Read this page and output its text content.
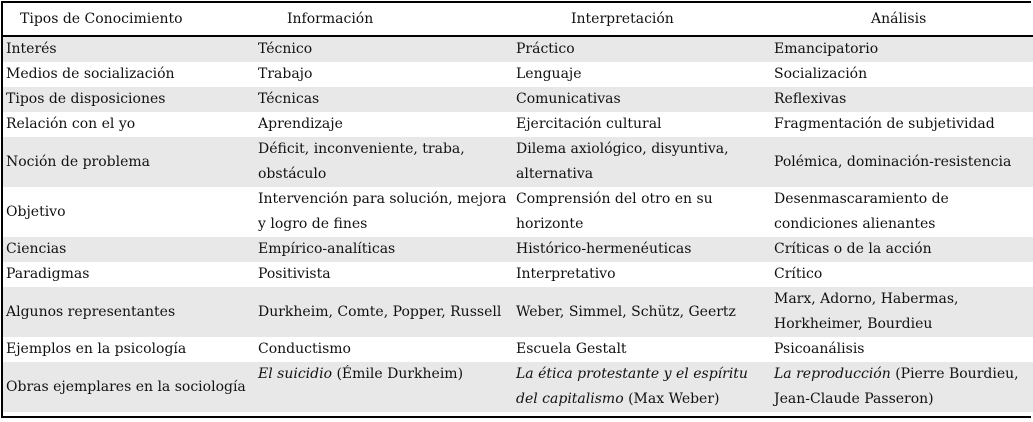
Tipos de Conocimiento	Información	Interpretación	Análisis
Interés	Técnico	Práctico	Emancipatorio
Medios de socialización	Trabajo	Lenguaje	Socialización
Tipos de disposiciones	Técnicas	Comunicativas	Reflexivas
Relación con el yo	Aprendizaje	Ejercitación cultural	Fragmentación de subjetividad
Noción de problema	Déficit, inconveniente, traba, obstáculo	Dilema axiológico, disyuntiva, alternativa	Polémica, dominación-resistencia
Objetivo	Intervención para solución, mejora y logro de fines	Comprensión del otro en su horizonte	Desenmascaramiento de condiciones alienantes
Ciencias	Empírico-analíticas	Histórico-hermenéuticas	Críticas o de la acción
Paradigmas	Positivista	Interpretativo	Crítico
Algunos representantes	Durkheim, Comte, Popper, Russell	Weber, Simmel, Schütz, Geertz	Marx, Adorno, Habermas, Horkheimer, Bourdieu
Ejemplos en la psicología	Conductismo	Escuela Gestalt	Psicoanálisis
Obras ejemplares en la sociología	El suicidio (Émile Durkheim)	La ética protestante y el espíritu del capitalismo (Max Weber)	La reproducción (Pierre Bourdieu, Jean-Claude Passeron)
